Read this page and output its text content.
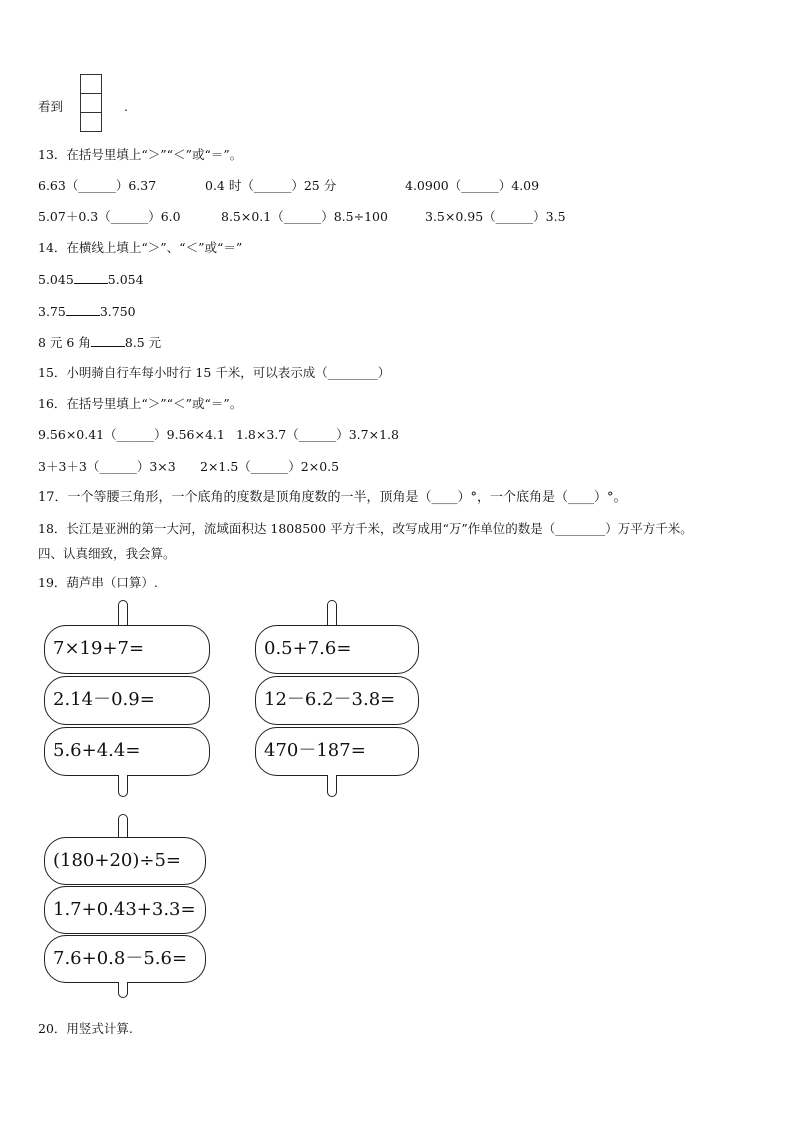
看到	.
13．在括号里填上“＞”“＜”或“＝”。
6.63（______）6.37	0.4 时（______）25 分	4.0900（______）4.09
5.07＋0.3（______）6.0	8.5×0.1（______）8.5÷100	3.5×0.95（______）3.5
14．在横线上填上“＞”、“＜”或“＝”
5.045	5.054
3.75	3.750
8 元 6 角	8.5 元
15．小明骑自行车每小时行 15 千米，可以表示成（________）
16．在括号里填上“＞”“＜”或“＝”。
9.56×0.41（______）9.56×4.1 1.8×3.7（______）3.7×1.8
3＋3＋3（______）3×3 2×1.5（______）2×0.5
17．一个等腰三角形，一个底角的度数是顶角度数的一半，顶角是（____）°，一个底角是（____）°。
18．长江是亚洲的第一大河，流域面积达 1808500 平方千米，改写成用“万”作单位的数是（________）万平方千米。
四、认真细致，我会算。
19．葫芦串（口算）.
7×19+7=
2.14－0.9=
5.6+4.4=
0.5+7.6=
12－6.2－3.8=
470－187=
(180+20)÷5=
1.7+0.43+3.3=
7.6+0.8－5.6=
20．用竖式计算.
